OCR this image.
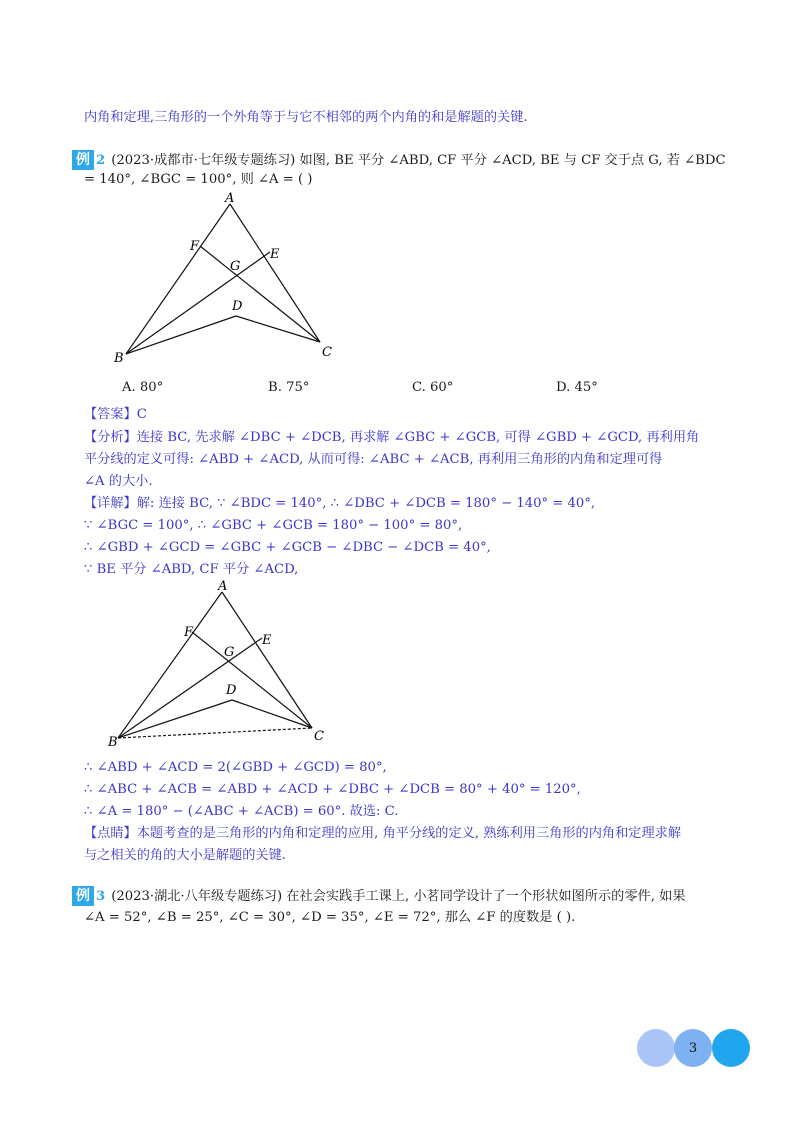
内角和定理,三角形的一个外角等于与它不相邻的两个内角的和是解题的关键.
例 2 (2023·成都市·七年级专题练习) 如图, BE 平分 ∠ABD, CF 平分 ∠ACD, BE 与 CF 交于点 G, 若 ∠BDC
= 140°, ∠BGC = 100°, 则 ∠A = ( )
A
B	C
D
E
F
G
A. 80°	B. 75°	C. 60°	D. 45°
【答案】C
【分析】连接 BC, 先求解 ∠DBC + ∠DCB, 再求解 ∠GBC + ∠GCB, 可得 ∠GBD + ∠GCD, 再利用角
平分线的定义可得: ∠ABD + ∠ACD, 从而可得: ∠ABC + ∠ACB, 再利用三角形的内角和定理可得
∠A 的大小.
【详解】解: 连接 BC, ∵ ∠BDC = 140°, ∴ ∠DBC + ∠DCB = 180° − 140° = 40°,
∵ ∠BGC = 100°, ∴ ∠GBC + ∠GCB = 180° − 100° = 80°,
∴ ∠GBD + ∠GCD = ∠GBC + ∠GCB − ∠DBC − ∠DCB = 40°,
∵ BE 平分 ∠ABD, CF 平分 ∠ACD,
A
B	C
D
E
F
G
∴ ∠ABD + ∠ACD = 2(∠GBD + ∠GCD) = 80°,
∴ ∠ABC + ∠ACB = ∠ABD + ∠ACD + ∠DBC + ∠DCB = 80° + 40° = 120°,
∴ ∠A = 180° − (∠ABC + ∠ACB) = 60°. 故选: C.
【点睛】本题考查的是三角形的内角和定理的应用, 角平分线的定义, 熟练利用三角形的内角和定理求解
与之相关的角的大小是解题的关键.
例 3 (2023·湖北·八年级专题练习) 在社会实践手工课上, 小茗同学设计了一个形状如图所示的零件, 如果
∠A = 52°, ∠B = 25°, ∠C = 30°, ∠D = 35°, ∠E = 72°, 那么 ∠F 的度数是 ( ).
3
